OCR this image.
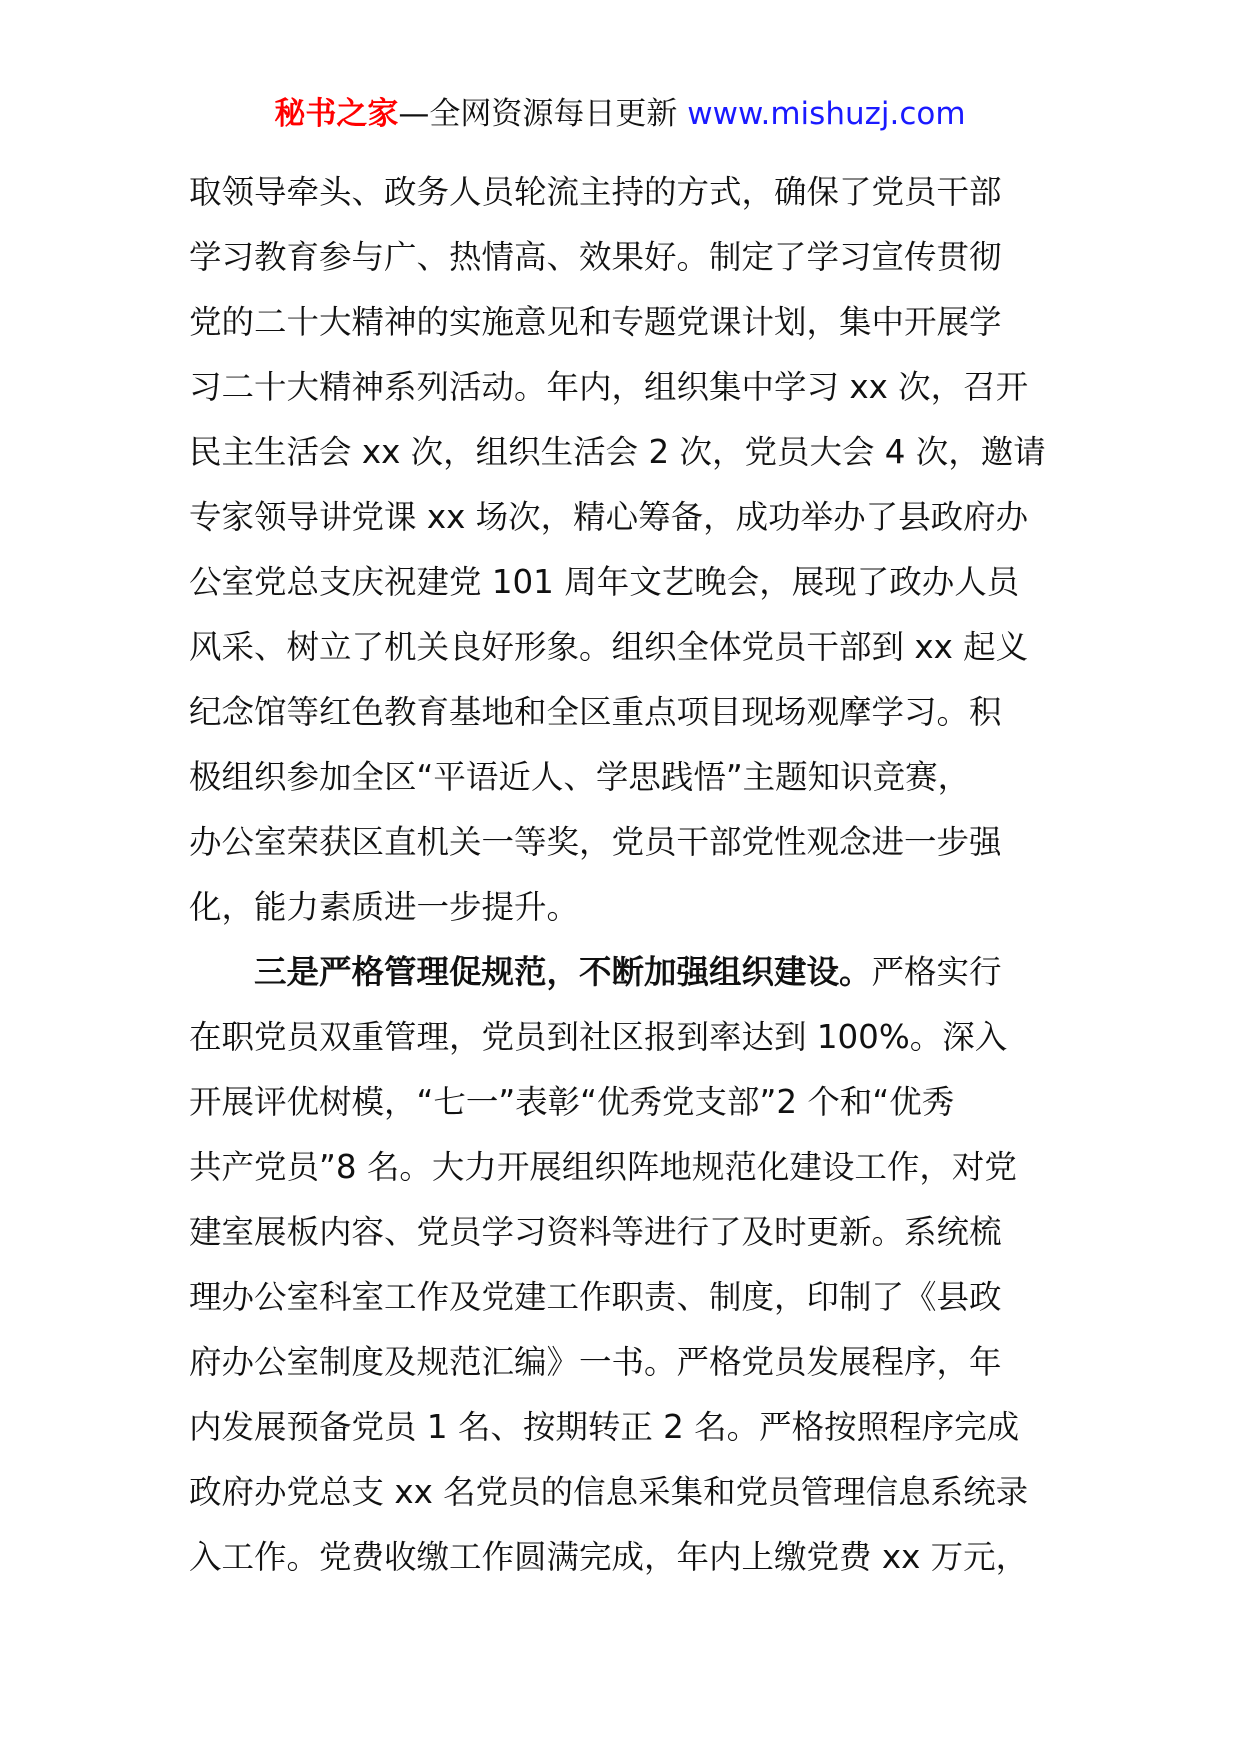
秘书之家—全网资源每日更新 www.mishuzj.com
取领导牵头、政务人员轮流主持的方式，确保了党员干部
学习教育参与广、热情高、效果好。制定了学习宣传贯彻
党的二十大精神的实施意见和专题党课计划，集中开展学
习二十大精神系列活动。年内，组织集中学习 xx 次，召开
民主生活会 xx 次，组织生活会 2 次，党员大会 4 次，邀请
专家领导讲党课 xx 场次，精心筹备，成功举办了县政府办
公室党总支庆祝建党 101 周年文艺晚会，展现了政办人员
风采、树立了机关良好形象。组织全体党员干部到 xx 起义
纪念馆等红色教育基地和全区重点项目现场观摩学习。积
极组织参加全区“平语近人、学思践悟”主题知识竞赛，
办公室荣获区直机关一等奖，党员干部党性观念进一步强
化，能力素质进一步提升。
三是严格管理促规范，不断加强组织建设。严格实行
在职党员双重管理，党员到社区报到率达到 100%。深入
开展评优树模，“七一”表彰“优秀党支部”2 个和“优秀
共产党员”8 名。大力开展组织阵地规范化建设工作，对党
建室展板内容、党员学习资料等进行了及时更新。系统梳
理办公室科室工作及党建工作职责、制度，印制了《县政
府办公室制度及规范汇编》一书。严格党员发展程序，年
内发展预备党员 1 名、按期转正 2 名。严格按照程序完成
政府办党总支 xx 名党员的信息采集和党员管理信息系统录
入工作。党费收缴工作圆满完成，年内上缴党费 xx 万元，
